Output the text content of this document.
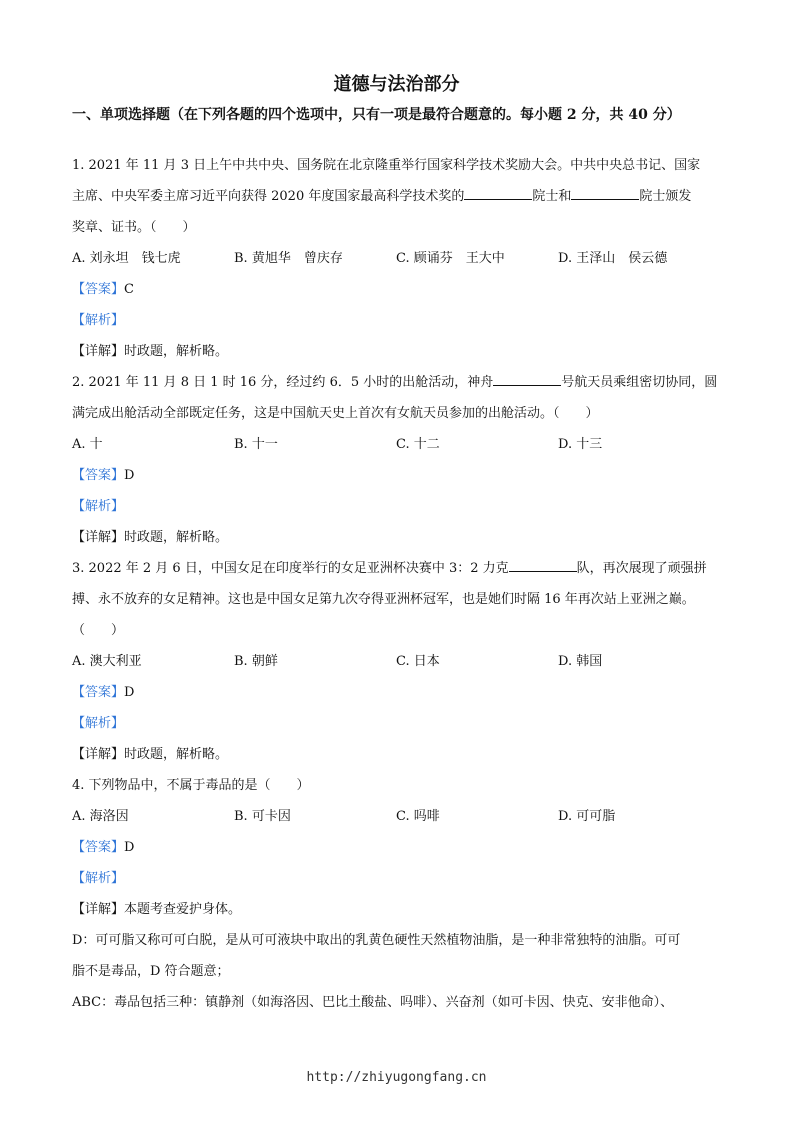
道德与法治部分
一、单项选择题（在下列各题的四个选项中，只有一项是最符合题意的。每小题 2 分，共 40 分）
1. 2021 年 11 月 3 日上午中共中央、国务院在北京隆重举行国家科学技术奖励大会。中共中央总书记、国家
主席、中央军委主席习近平向获得 2020 年度国家最高科学技术奖的	院士和	院士颁发
奖章、证书。（　　）
A. 刘永坦　钱七虎	B. 黄旭华　曾庆存	C. 顾诵芬　王大中	D. 王泽山　侯云德
【答案】C
【解析】
【详解】时政题，解析略。
2. 2021 年 11 月 8 日 1 时 16 分，经过约 6．5 小时的出舱活动，神舟	号航天员乘组密切协同，圆
满完成出舱活动全部既定任务，这是中国航天史上首次有女航天员参加的出舱活动。（　　）
A. 十	B. 十一	C. 十二	D. 十三
【答案】D
【解析】
【详解】时政题，解析略。
3. 2022 年 2 月 6 日，中国女足在印度举行的女足亚洲杯决赛中 3：2 力克	队，再次展现了顽强拼
搏、永不放弃的女足精神。这也是中国女足第九次夺得亚洲杯冠军，也是她们时隔 16 年再次站上亚洲之巅。
（　　）
A. 澳大利亚	B. 朝鲜	C. 日本	D. 韩国
【答案】D
【解析】
【详解】时政题，解析略。
4. 下列物品中，不属于毒品的是（　　）
A. 海洛因	B. 可卡因	C. 吗啡	D. 可可脂
【答案】D
【解析】
【详解】本题考查爱护身体。
D：可可脂又称可可白脱，是从可可液块中取出的乳黄色硬性天然植物油脂，是一种非常独特的油脂。可可
脂不是毒品，D 符合题意；
ABC：毒品包括三种：镇静剂（如海洛因、巴比土酸盐、吗啡）、兴奋剂（如可卡因、快克、安非他命）、
http://zhiyugongfang.cn
